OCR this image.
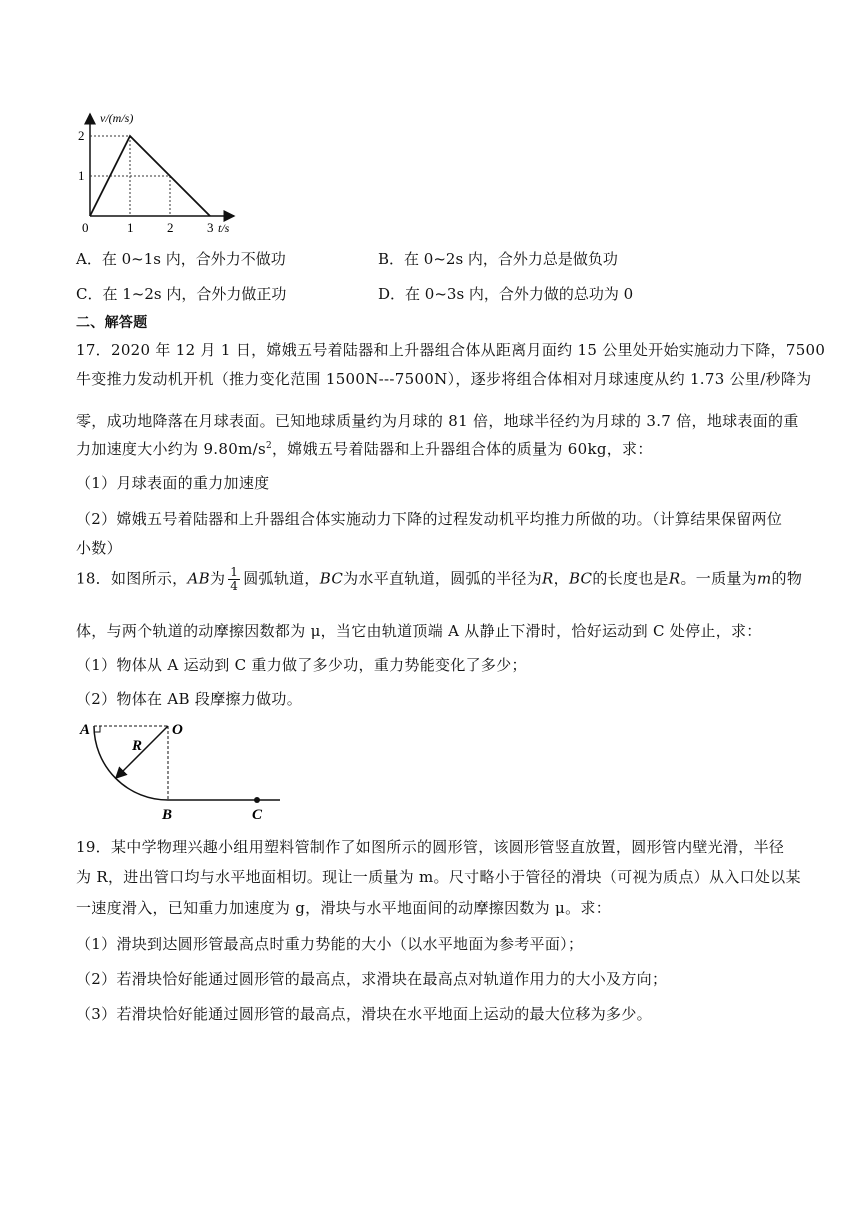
v/(m/s)
2
1
0	1	2	3 t/s
A．在 0~1s 内，合外力不做功	B．在 0~2s 内，合外力总是做负功
C．在 1~2s 内，合外力做正功	D．在 0~3s 内，合外力做的总功为 0
二、解答题
17．2020 年 12 月 1 日，嫦娥五号着陆器和上升器组合体从距离月面约 15 公里处开始实施动力下降，7500
牛变推力发动机开机（推力变化范围 1500N---7500N），逐步将组合体相对月球速度从约 1.73 公里/秒降为
零，成功地降落在月球表面。已知地球质量约为月球的 81 倍，地球半径约为月球的 3.7 倍，地球表面的重
力加速度大小约为 $9.80m/s^2$，嫦娥五号着陆器和上升器组合体的质量为 60kg，求：
（1）月球表面的重力加速度
（2）嫦娥五号着陆器和上升器组合体实施动力下降的过程发动机平均推力所做的功。（计算结果保留两位
小数）
18．如图所示，AB为 $\frac{1}{4}$ 圆弧轨道，BC为水平直轨道，圆弧的半径为R，BC的长度也是R。一质量为m的物
体，与两个轨道的动摩擦因数都为 μ，当它由轨道顶端 A 从静止下滑时，恰好运动到 C 处停止，求：
（1）物体从 A 运动到 C 重力做了多少功，重力势能变化了多少；
（2）物体在 AB 段摩擦力做功。
A	O
R
B	C
19．某中学物理兴趣小组用塑料管制作了如图所示的圆形管，该圆形管竖直放置，圆形管内壁光滑，半径
为 R，进出管口均与水平地面相切。现让一质量为 m。尺寸略小于管径的滑块（可视为质点）从入口处以某
一速度滑入，已知重力加速度为 g，滑块与水平地面间的动摩擦因数为 μ。求：
（1）滑块到达圆形管最高点时重力势能的大小（以水平地面为参考平面）；
（2）若滑块恰好能通过圆形管的最高点，求滑块在最高点对轨道作用力的大小及方向；
（3）若滑块恰好能通过圆形管的最高点，滑块在水平地面上运动的最大位移为多少。
